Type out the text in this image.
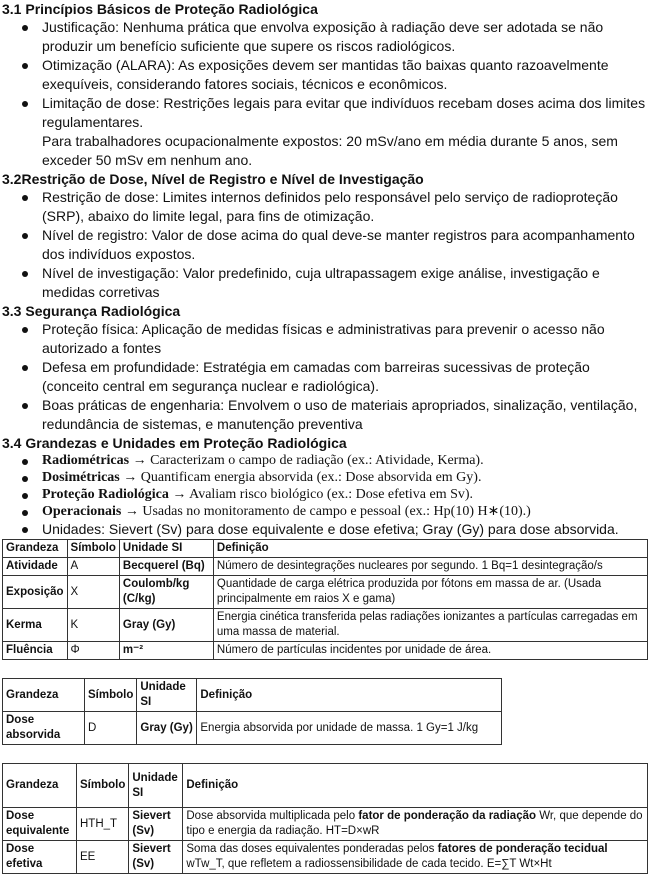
3.1 Princípios Básicos de Proteção Radiológica
Justificação: Nenhuma prática que envolva exposição à radiação deve ser adotada se não produzir um benefício suficiente que supere os riscos radiológicos.
Otimização (ALARA): As exposições devem ser mantidas tão baixas quanto razoavelmente exequíveis, considerando fatores sociais, técnicos e econômicos.
Limitação de dose: Restrições legais para evitar que indivíduos recebam doses acima dos limites regulamentares.
Para trabalhadores ocupacionalmente expostos: 20 mSv/ano em média durante 5 anos, sem exceder 50 mSv em nenhum ano.
3.2Restrição de Dose, Nível de Registro e Nível de Investigação
Restrição de dose: Limites internos definidos pelo responsável pelo serviço de radioproteção (SRP), abaixo do limite legal, para fins de otimização.
Nível de registro: Valor de dose acima do qual deve-se manter registros para acompanhamento dos indivíduos expostos.
Nível de investigação: Valor predefinido, cuja ultrapassagem exige análise, investigação e medidas corretivas
3.3 Segurança Radiológica
Proteção física: Aplicação de medidas físicas e administrativas para prevenir o acesso não autorizado a fontes
Defesa em profundidade: Estratégia em camadas com barreiras sucessivas de proteção (conceito central em segurança nuclear e radiológica).
Boas práticas de engenharia: Envolvem o uso de materiais apropriados, sinalização, ventilação, redundância de sistemas, e manutenção preventiva
3.4 Grandezas e Unidades em Proteção Radiológica
Radiométricas → Caracterizam o campo de radiação (ex.: Atividade, Kerma).
Dosimétricas → Quantificam energia absorvida (ex.: Dose absorvida em Gy).
Proteção Radiológica → Avaliam risco biológico (ex.: Dose efetiva em Sv).
Operacionais → Usadas no monitoramento de campo e pessoal (ex.: Hp(10) H∗(10).)
Unidades: Sievert (Sv) para dose equivalente e dose efetiva; Gray (Gy) para dose absorvida.
Grandeza	Símbolo	Unidade SI	Definição
Atividade	A	Becquerel (Bq)	Número de desintegrações nucleares por segundo. 1 Bq=1 desintegração/s
Exposição	X	Coulomb/kg (C/kg)	Quantidade de carga elétrica produzida por fótons em massa de ar. (Usada principalmente em raios X e gama)
Kerma	K	Gray (Gy)	Energia cinética transferida pelas radiações ionizantes a partículas carregadas em uma massa de material.
Fluência	Φ	m⁻²	Número de partículas incidentes por unidade de área.
Grandeza	Símbolo	Unidade SI	Definição
Dose absorvida	D	Gray (Gy)	Energia absorvida por unidade de massa. 1 Gy=1 J/kg
Grandeza	Símbolo	Unidade SI	Definição
Dose equivalente	HTH_T	Sievert (Sv)	Dose absorvida multiplicada pelo fator de ponderação da radiação Wr, que depende do tipo e energia da radiação. HT=D×wR
Dose efetiva	EE	Sievert (Sv)	Soma das doses equivalentes ponderadas pelos fatores de ponderação tecidual wTw_T, que refletem a radiossensibilidade de cada tecido. E=∑T Wt×Ht
